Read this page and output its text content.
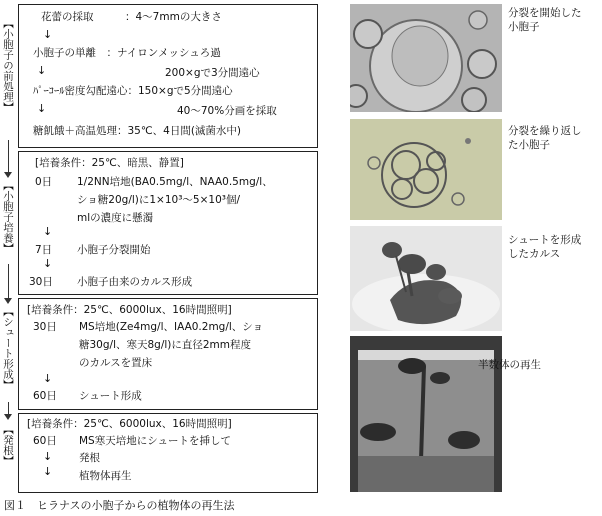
【小胞子の前処理】
【小胞子培養】
【シュート形成】
【発根】
花蕾の採取　　　：4～7mmの大きさ
↓
小胞子の単離　：ナイロンメッシュろ過
↓	200×gで3分間遠心
ﾊﾟｰｺｰﾙ密度勾配遠心：150×gで5分間遠心
↓	40～70%分画を採取
糖飢餓＋高温処理：35℃、4日間(滅菌水中)
[培養条件：25℃、暗黒、静置]
0日 1/2NN培地(BA0.5mg/l、NAA0.5mg/l、
ショ糖20g/l)に1×10³～5×10³個/
mlの濃度に懸濁
↓
7日 小胞子分裂開始
↓
30日 小胞子由来のカルス形成
[培養条件：25℃、6000lux、16時間照明]
30日 MS培地(Ze4mg/l、IAA0.2mg/l、ショ
糖30g/l、寒天8g/l)に直径2mm程度
のカルスを置床
↓
60日 シュート形成
[培養条件：25℃、6000lux、16時間照明]
60日 MS寒天培地にシュートを挿して
↓	発根
↓	植物体再生
分裂を開始した
小胞子
分裂を繰り返し
た小胞子
シュートを形成
したカルス
半数体の再生
図１　ヒラナスの小胞子からの植物体の再生法
